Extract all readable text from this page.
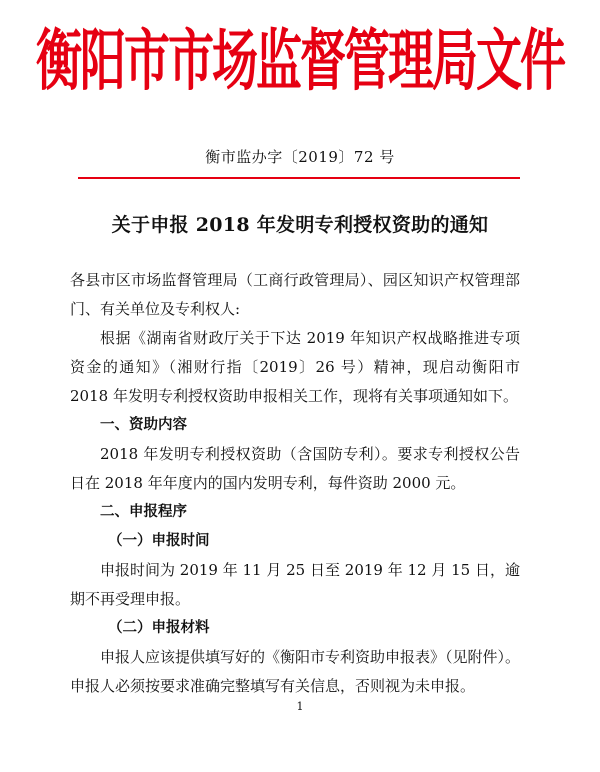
衡阳市市场监督管理局文件
衡市监办字〔2019〕72 号
关于申报 2018 年发明专利授权资助的通知

各县市区市场监督管理局（工商行政管理局）、园区知识产权管理部门、有关单位及专利权人:

根据《湖南省财政厅关于下达 2019 年知识产权战略推进专项资金的通知》（湘财行指〔2019〕26 号）精神，现启动衡阳市 2018 年发明专利授权资助申报相关工作，现将有关事项通知如下。

一、资助内容

2018 年发明专利授权资助（含国防专利）。要求专利授权公告日在 2018 年年度内的国内发明专利，每件资助 2000 元。

二、申报程序

（一）申报时间

申报时间为 2019 年 11 月 25 日至 2019 年 12 月 15 日，逾期不再受理申报。

（二）申报材料

申报人应该提供填写好的《衡阳市专利资助申报表》（见附件）。申报人必须按要求准确完整填写有关信息，否则视为未申报。

1
